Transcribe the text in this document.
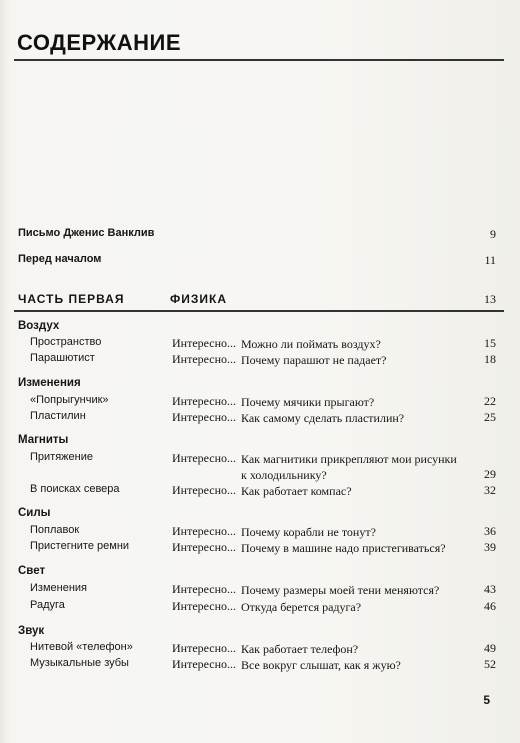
СОДЕРЖАНИЕ
Письмо Дженис Ванклив	9
Перед началом	11
ЧАСТЬ ПЕРВАЯ	ФИЗИКА	13
Воздух
Пространство	Интересно... Можно ли поймать воздух?	15
Парашютист	Интересно... Почему парашют не падает?	18
Изменения
«Попрыгунчик»	Интересно... Почему мячики прыгают?	22
Пластилин	Интересно... Как самому сделать пластилин?	25
Магниты
Притяжение	Интересно... Как магнитики прикрепляют мои рисунки к холодильнику?	29
В поисках севера	Интересно... Как работает компас?	32
Силы
Поплавок	Интересно... Почему корабли не тонут?	36
Пристегните ремни	Интересно... Почему в машине надо пристегиваться?	39
Свет
Изменения	Интересно... Почему размеры моей тени меняются?	43
Радуга	Интересно... Откуда берется радуга?	46
Звук
Нитевой «телефон»	Интересно... Как работает телефон?	49
Музыкальные зубы	Интересно... Все вокруг слышат, как я жую?	52
5
